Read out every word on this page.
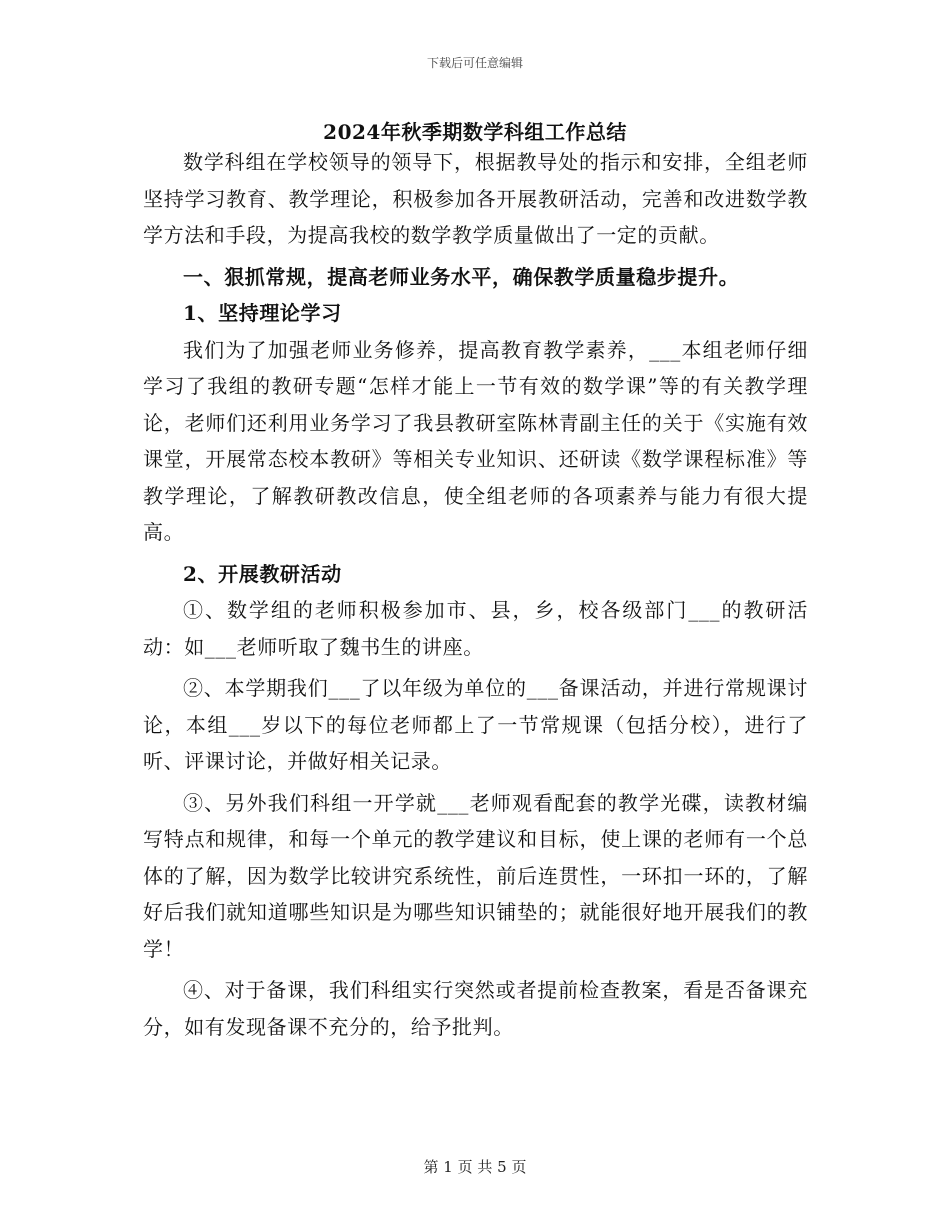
下载后可任意编辑
2024年秋季期数学科组工作总结

数学科组在学校领导的领导下，根据教导处的指示和安排，全组老师坚持学习教育、教学理论，积极参加各开展教研活动，完善和改进数学教学方法和手段，为提高我校的数学教学质量做出了一定的贡献。

一、狠抓常规，提高老师业务水平，确保教学质量稳步提升。

1、坚持理论学习

我们为了加强老师业务修养，提高教育教学素养，___本组老师仔细学习了我组的教研专题“怎样才能上一节有效的数学课”等的有关教学理论，老师们还利用业务学习了我县教研室陈林青副主任的关于《实施有效课堂，开展常态校本教研》等相关专业知识、还研读《数学课程标准》等教学理论，了解教研教改信息，使全组老师的各项素养与能力有很大提高。

2、开展教研活动

①、数学组的老师积极参加市、县，乡，校各级部门___的教研活动：如___老师听取了魏书生的讲座。

②、本学期我们___了以年级为单位的___备课活动，并进行常规课讨论，本组___岁以下的每位老师都上了一节常规课（包括分校），进行了听、评课讨论，并做好相关记录。

③、另外我们科组一开学就___老师观看配套的教学光碟，读教材编写特点和规律，和每一个单元的教学建议和目标，使上课的老师有一个总体的了解，因为数学比较讲究系统性，前后连贯性，一环扣一环的，了解好后我们就知道哪些知识是为哪些知识铺垫的；就能很好地开展我们的教学！

④、对于备课，我们科组实行突然或者提前检查教案，看是否备课充分，如有发现备课不充分的，给予批判。

第 1 页 共 5 页
